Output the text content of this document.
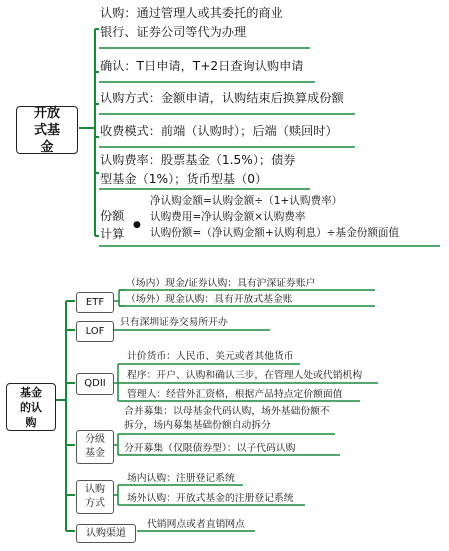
开放
式基
金
认购：通过管理人或其委托的商业
银行、证券公司等代为办理
确认：T日申请，T+2日查询认购申请
认购方式：金额申请，认购结束后换算成份额
收费模式：前端（认购时）；后端（赎回时）
认购费率：股票基金（1.5%）；债券
型基金（1%）；货币型基（0）
份额
计算
●
净认购金额=认购金额÷（1+认购费率）
认购费用=净认购金额×认购费率
认购份额=（净认购金额+认购利息）÷基金份额面值
基金
的认
购
ETF
（场内）现金/证券认购：具有沪深证券账户
（场外）现金认购：具有开放式基金账
LOF
只有深圳证券交易所开办
QDII
计价货币：人民币、美元或者其他货币
程序：开户、认购和确认三步，在管理人处或代销机构
管理人：经营外汇资格，根据产品特点定价额面值
分级基金
合并募集：以母基金代码认购，场外基础份额不拆分，场内募集基础份额自动拆分
分开募集（仅限债券型）：以子代码认购
认购方式
场内认购：注册登记系统
场外认购：开放式基金的注册登记系统
认购渠道
代销网点或者直销网点
